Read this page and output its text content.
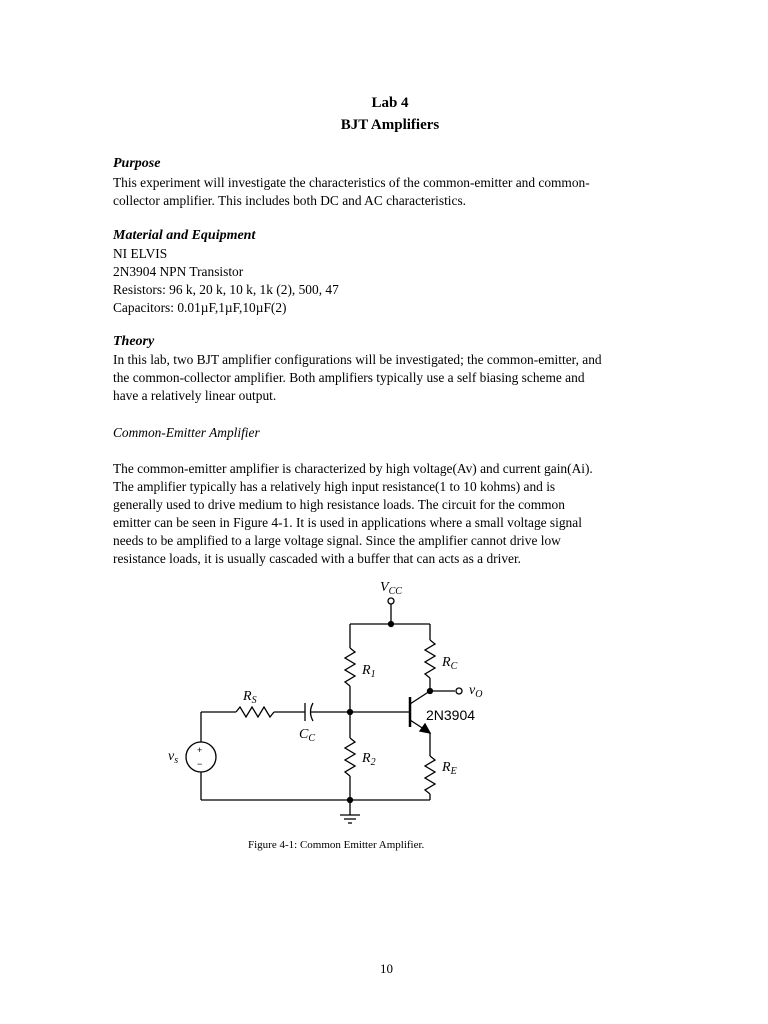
Lab 4
BJT Amplifiers
Purpose
This experiment will investigate the characteristics of the common-emitter and common-
collector amplifier. This includes both DC and AC characteristics.
Material and Equipment
NI ELVIS
2N3904 NPN Transistor
Resistors: 96 k, 20 k, 10 k, 1k (2), 500, 47
Capacitors: 0.01µF,1µF,10µF(2)
Theory
In this lab, two BJT amplifier configurations will be investigated; the common-emitter, and
the common-collector amplifier. Both amplifiers typically use a self biasing scheme and
have a relatively linear output.
Common-Emitter Amplifier
The common-emitter amplifier is characterized by high voltage(Av) and current gain(Ai).
The amplifier typically has a relatively high input resistance(1 to 10 kohms) and is
generally used to drive medium to high resistance loads. The circuit for the common
emitter can be seen in Figure 4-1. It is used in applications where a small voltage signal
needs to be amplified to a large voltage signal. Since the amplifier cannot drive low
resistance loads, it is usually cascaded with a buffer that can acts as a driver.
$V_{CC}$
$R_1$
$R_C$
$v_O$
2N3904
$R_S$
$C_C$
$R_2$	$R_E$
$v_s$
+
−
Figure 4-1: Common Emitter Amplifier.
10
